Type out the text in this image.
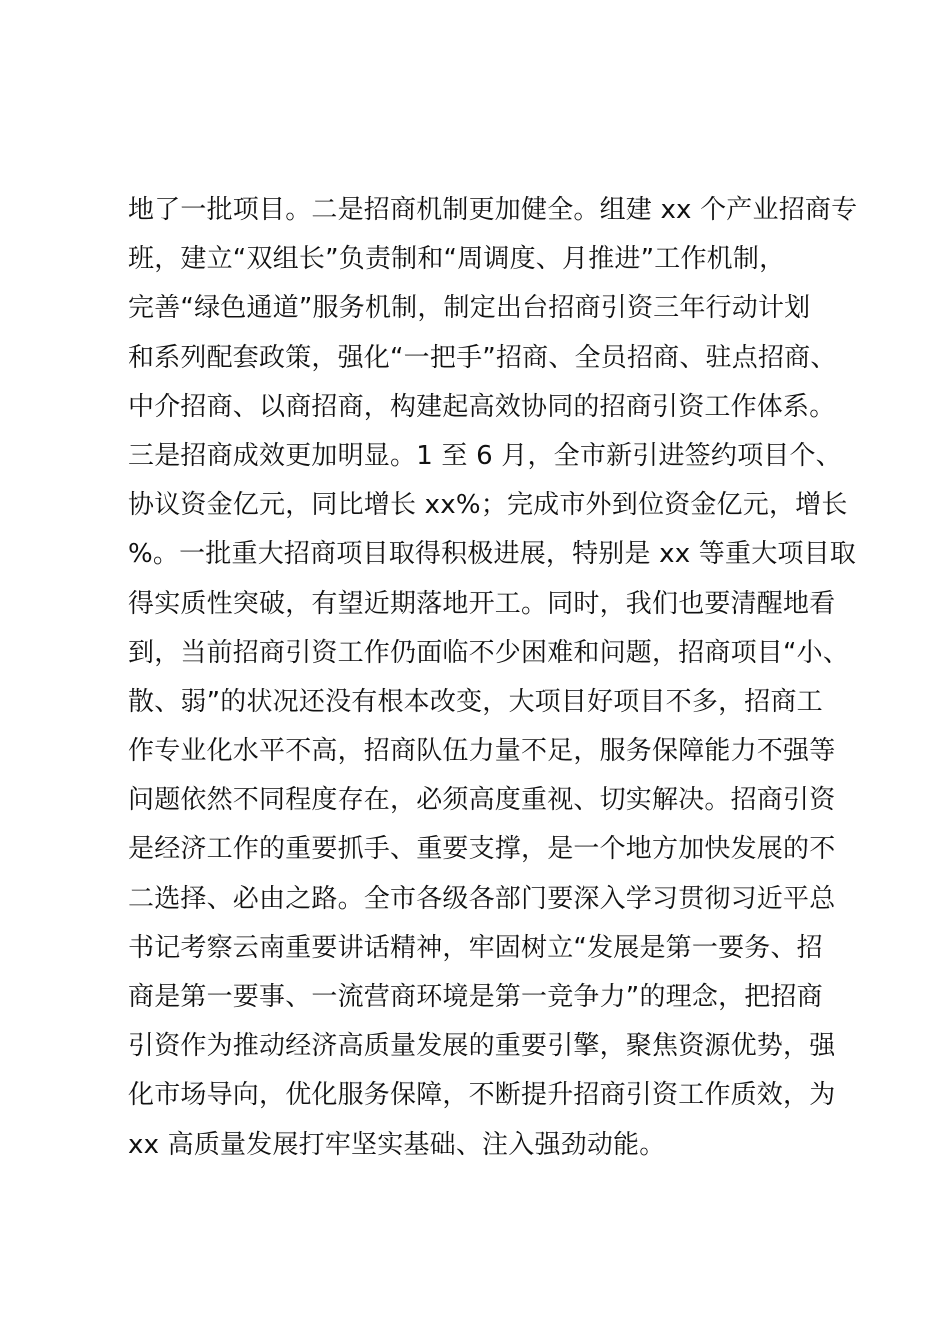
地了一批项目。二是招商机制更加健全。组建 xx 个产业招商专
班，建立“双组长”负责制和“周调度、月推进”工作机制，
完善“绿色通道”服务机制，制定出台招商引资三年行动计划
和系列配套政策，强化“一把手”招商、全员招商、驻点招商、
中介招商、以商招商，构建起高效协同的招商引资工作体系。
三是招商成效更加明显。1 至 6 月，全市新引进签约项目个、
协议资金亿元，同比增长 xx%；完成市外到位资金亿元，增长
%。一批重大招商项目取得积极进展，特别是 xx 等重大项目取
得实质性突破，有望近期落地开工。同时，我们也要清醒地看
到，当前招商引资工作仍面临不少困难和问题，招商项目“小、
散、弱”的状况还没有根本改变，大项目好项目不多，招商工
作专业化水平不高，招商队伍力量不足，服务保障能力不强等
问题依然不同程度存在，必须高度重视、切实解决。招商引资
是经济工作的重要抓手、重要支撑，是一个地方加快发展的不
二选择、必由之路。全市各级各部门要深入学习贯彻习近平总
书记考察云南重要讲话精神，牢固树立“发展是第一要务、招
商是第一要事、一流营商环境是第一竞争力”的理念，把招商
引资作为推动经济高质量发展的重要引擎，聚焦资源优势，强
化市场导向，优化服务保障，不断提升招商引资工作质效，为
xx 高质量发展打牢坚实基础、注入强劲动能。
